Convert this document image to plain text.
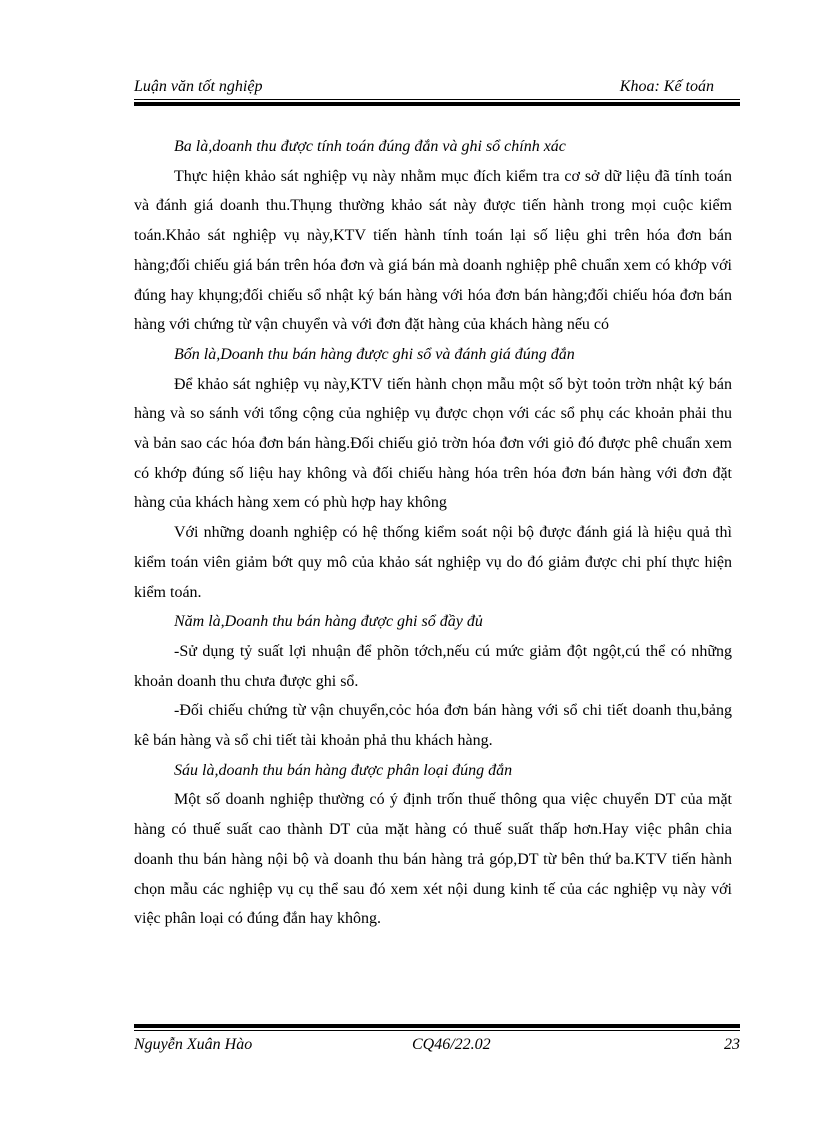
Luận văn tốt nghiệp	Khoa: Kế toán

Ba là,doanh thu được tính toán đúng đắn và ghi sổ chính xác

Thực hiện khảo sát nghiệp vụ này nhằm mục đích kiểm tra cơ sở dữ liệu đã tính toán và đánh giá doanh thu.Thụng thường khảo sát này được tiến hành trong mọi cuộc kiểm toán.Khảo sát nghiệp vụ này,KTV tiến hành tính toán lại số liệu ghi trên hóa đơn bán hàng;đối chiếu giá bán trên hóa đơn và giá bán mà doanh nghiệp phê chuẩn xem có khớp với đúng hay khụng;đối chiếu sổ nhật ký bán hàng với hóa đơn bán hàng;đối chiếu hóa đơn bán hàng với chứng từ vận chuyển và với đơn đặt hàng của khách hàng nếu có

Bốn là,Doanh thu bán hàng được ghi sổ và đánh giá đúng đắn

Để khảo sát nghiệp vụ này,KTV tiến hành chọn mẫu một số bỳt toỏn trờn nhật ký bán hàng và so sánh với tổng cộng của nghiệp vụ được chọn với các sổ phụ các khoản phải thu và bản sao các hóa đơn bán hàng.Đối chiếu giỏ trờn hóa đơn với giỏ đó được phê chuẩn xem có khớp đúng số liệu hay không và đối chiếu hàng hóa trên hóa đơn bán hàng với đơn đặt hàng của khách hàng xem có phù hợp hay không

Với những doanh nghiệp có hệ thống kiểm soát nội bộ được đánh giá là hiệu quả thì kiểm toán viên giảm bớt quy mô của khảo sát nghiệp vụ do đó giảm được chi phí thực hiện kiểm toán.

Năm là,Doanh thu bán hàng được ghi sổ đầy đủ

-Sử dụng tỷ suất lợi nhuận để phõn tớch,nếu cú mức giảm đột ngột,cú thể có những khoản doanh thu chưa được ghi sổ.

-Đối chiếu chứng từ vận chuyển,cỏc hóa đơn bán hàng với sổ chi tiết doanh thu,bảng kê bán hàng và sổ chi tiết tài khoản phả thu khách hàng.

Sáu là,doanh thu bán hàng được phân loại đúng đắn

Một số doanh nghiệp thường có ý định trốn thuế thông qua việc chuyển DT của mặt hàng có thuế suất cao thành DT của mặt hàng có thuế suất thấp hơn.Hay việc phân chia doanh thu bán hàng nội bộ và doanh thu bán hàng trả góp,DT từ bên thứ ba.KTV tiến hành chọn mẫu các nghiệp vụ cụ thể sau đó xem xét nội dung kinh tế của các nghiệp vụ này với việc phân loại có đúng đắn hay không.

Nguyễn Xuân Hào	CQ46/22.02	23
